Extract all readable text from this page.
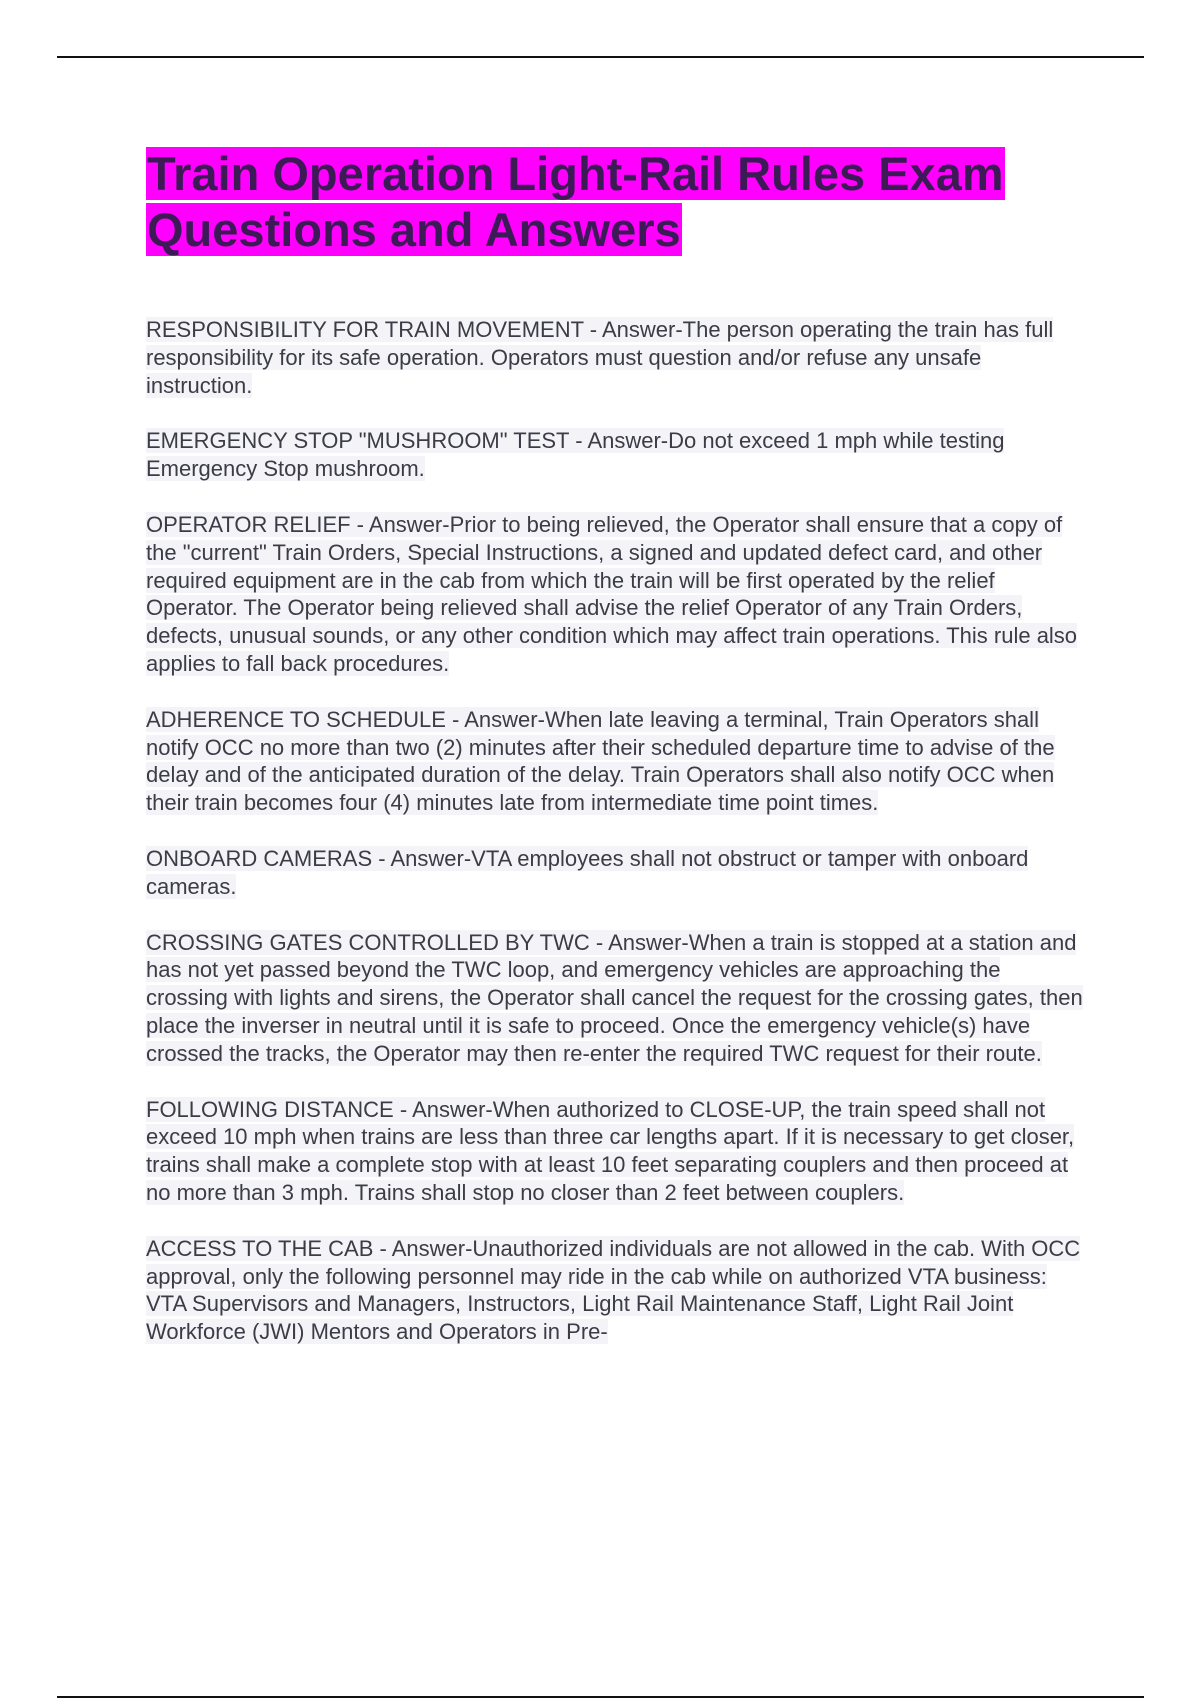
Train Operation Light-Rail Rules Exam Questions and Answers

RESPONSIBILITY FOR TRAIN MOVEMENT - Answer-The person operating the train has full responsibility for its safe operation. Operators must question and/or refuse any unsafe instruction.

EMERGENCY STOP "MUSHROOM" TEST - Answer-Do not exceed 1 mph while testing Emergency Stop mushroom.

OPERATOR RELIEF - Answer-Prior to being relieved, the Operator shall ensure that a copy of the "current" Train Orders, Special Instructions, a signed and updated defect card, and other required equipment are in the cab from which the train will be first operated by the relief Operator. The Operator being relieved shall advise the relief Operator of any Train Orders, defects, unusual sounds, or any other condition which may affect train operations. This rule also applies to fall back procedures.

ADHERENCE TO SCHEDULE - Answer-When late leaving a terminal, Train Operators shall notify OCC no more than two (2) minutes after their scheduled departure time to advise of the delay and of the anticipated duration of the delay. Train Operators shall also notify OCC when their train becomes four (4) minutes late from intermediate time point times.

ONBOARD CAMERAS - Answer-VTA employees shall not obstruct or tamper with onboard cameras.

CROSSING GATES CONTROLLED BY TWC - Answer-When a train is stopped at a station and has not yet passed beyond the TWC loop, and emergency vehicles are approaching the crossing with lights and sirens, the Operator shall cancel the request for the crossing gates, then place the inverser in neutral until it is safe to proceed. Once the emergency vehicle(s) have crossed the tracks, the Operator may then re-enter the required TWC request for their route.

FOLLOWING DISTANCE - Answer-When authorized to CLOSE-UP, the train speed shall not exceed 10 mph when trains are less than three car lengths apart. If it is necessary to get closer, trains shall make a complete stop with at least 10 feet separating couplers and then proceed at no more than 3 mph. Trains shall stop no closer than 2 feet between couplers.

ACCESS TO THE CAB - Answer-Unauthorized individuals are not allowed in the cab. With OCC approval, only the following personnel may ride in the cab while on authorized VTA business: VTA Supervisors and Managers, Instructors, Light Rail Maintenance Staff, Light Rail Joint Workforce (JWI) Mentors and Operators in Pre-
